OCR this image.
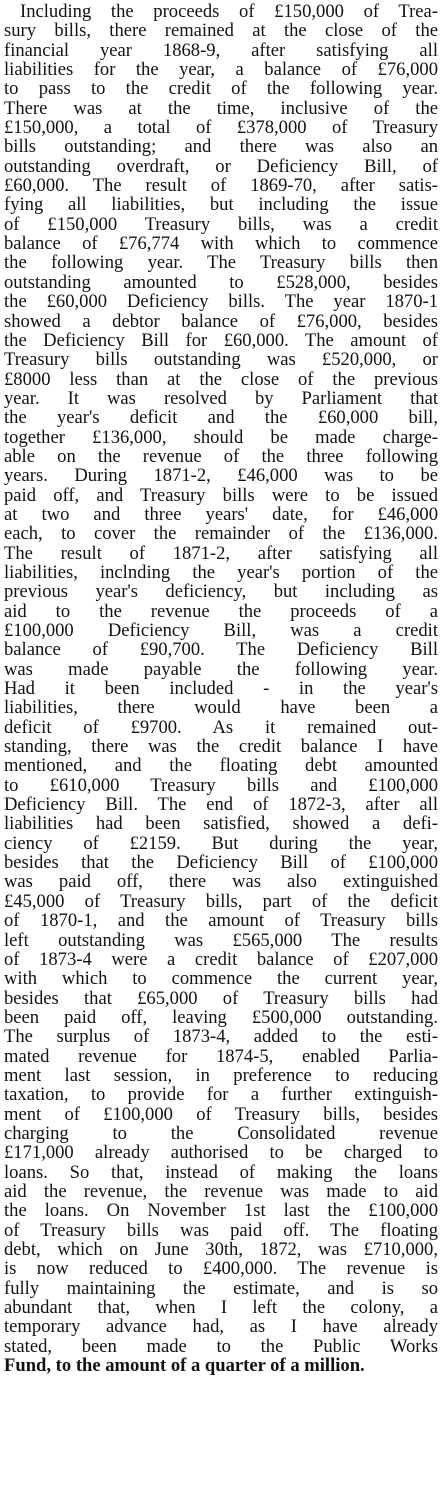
Including the proceeds of £150,000 of Trea-
sury bills, there remained at the close of the
financial year 1868-9, after satisfying all
liabilities for the year, a balance of £76,000
to pass to the credit of the following year.
There was at the time, inclusive of the
£150,000, a total of £378,000 of Treasury
bills outstanding; and there was also an
outstanding overdraft, or Deficiency Bill, of
£60,000. The result of 1869-70, after satis-
fying all liabilities, but including the issue
of £150,000 Treasury bills, was a credit
balance of £76,774 with which to commence
the following year. The Treasury bills then
outstanding amounted to £528,000, besides
the £60,000 Deficiency bills. The year 1870-1
showed a debtor balance of £76,000, besides
the Deficiency Bill for £60,000. The amount of
Treasury bills outstanding was £520,000, or
£8000 less than at the close of the previous
year. It was resolved by Parliament that
the year's deficit and the £60,000 bill,
together £136,000, should be made charge-
able on the revenue of the three following
years. During 1871-2, £46,000 was to be
paid off, and Treasury bills were to be issued
at two and three years' date, for £46,000
each, to cover the remainder of the £136,000.
The result of 1871-2, after satisfying all
liabilities, inclnding the year's portion of the
previous year's deficiency, but including as
aid to the revenue the proceeds of a
£100,000 Deficiency Bill, was a credit
balance of £90,700. The Deficiency Bill
was made payable the following year.
Had it been included - in the year's
liabilities, there would have been a
deficit of £9700. As it remained out-
standing, there was the credit balance I have
mentioned, and the floating debt amounted
to £610,000 Treasury bills and £100,000
Deficiency Bill. The end of 1872-3, after all
liabilities had been satisfied, showed a defi-
ciency of £2159. But during the year,
besides that the Deficiency Bill of £100,000
was paid off, there was also extinguished
£45,000 of Treasury bills, part of the deficit
of 1870-1, and the amount of Treasury bills
left outstanding was £565,000 The results
of 1873-4 were a credit balance of £207,000
with which to commence the current year,
besides that £65,000 of Treasury bills had
been paid off, leaving £500,000 outstanding.
The surplus of 1873-4, added to the esti-
mated revenue for 1874-5, enabled Parlia-
ment last session, in preference to reducing
taxation, to provide for a further extinguish-
ment of £100,000 of Treasury bills, besides
charging to the Consolidated revenue
£171,000 already authorised to be charged to
loans. So that, instead of making the loans
aid the revenue, the revenue was made to aid
the loans. On November 1st last the £100,000
of Treasury bills was paid off. The floating
debt, which on June 30th, 1872, was £710,000,
is now reduced to £400,000. The revenue is
fully maintaining the estimate, and is so
abundant that, when I left the colony, a
temporary advance had, as I have already
stated, been made to the Public Works
Fund, to the amount of a quarter of a million.
